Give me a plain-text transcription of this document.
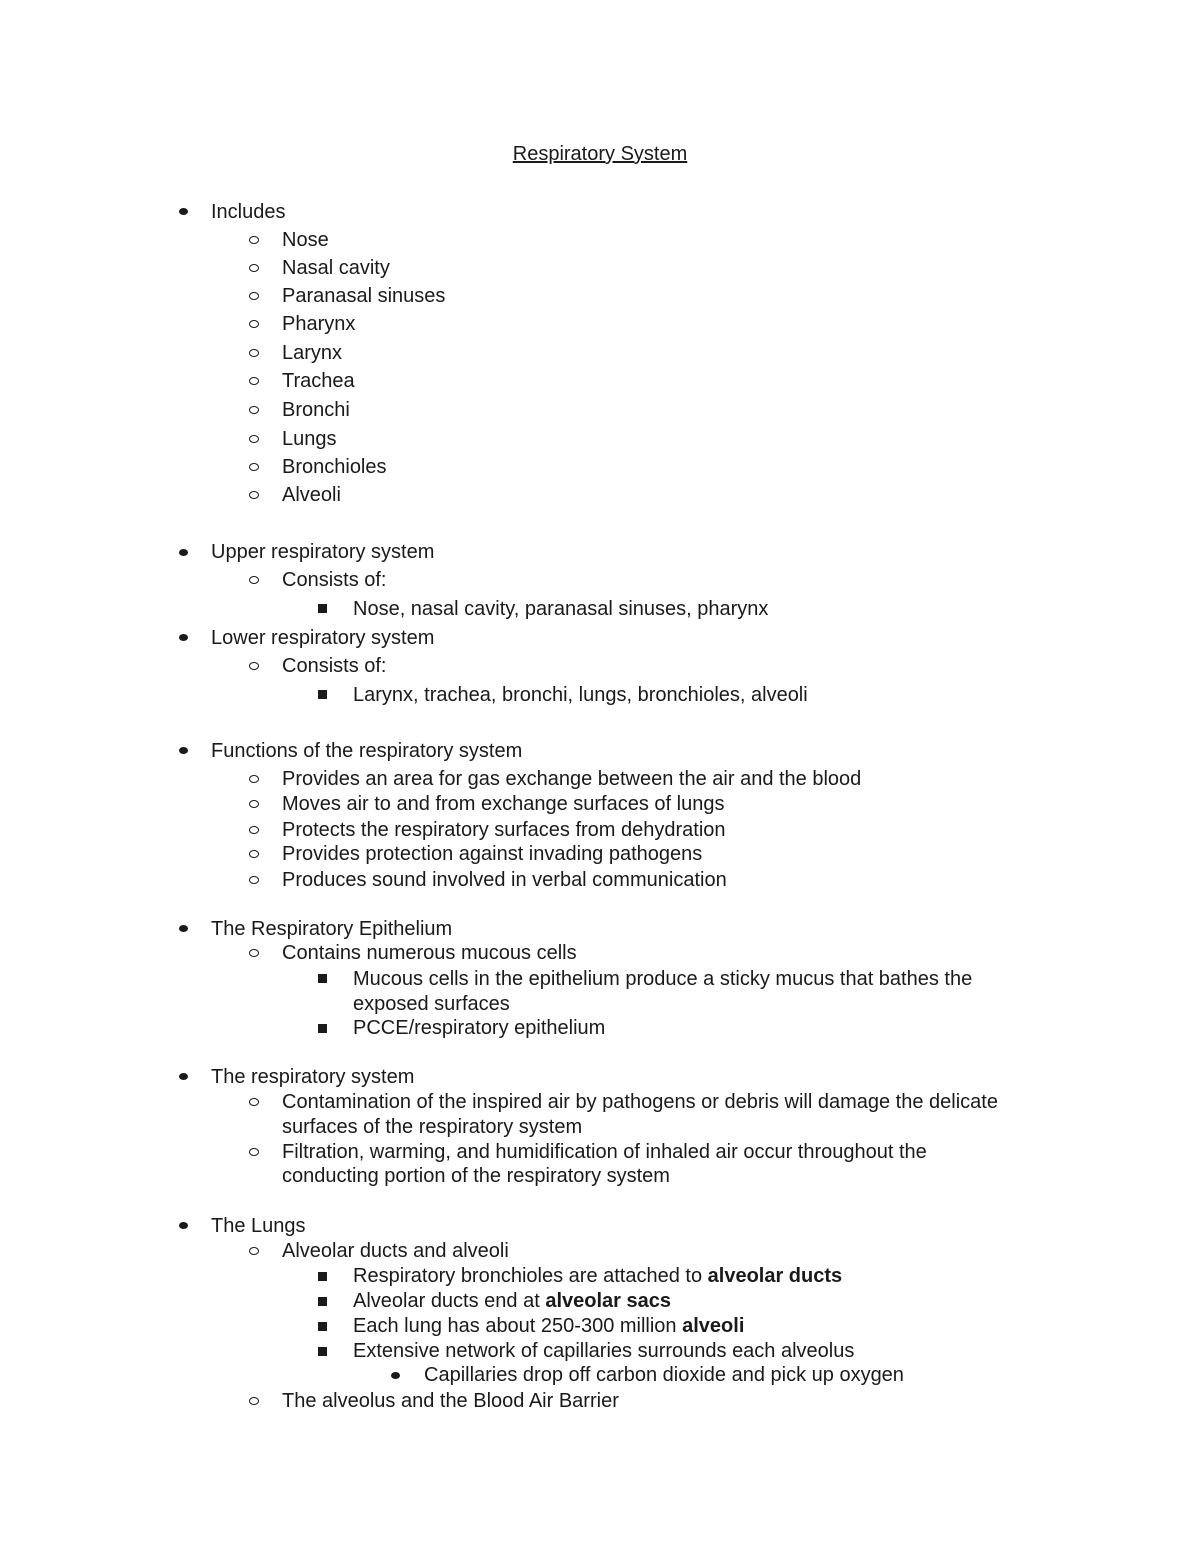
Respiratory System
Includes
Nose
Nasal cavity
Paranasal sinuses
Pharynx
Larynx
Trachea
Bronchi
Lungs
Bronchioles
Alveoli
Upper respiratory system
Consists of:
Nose, nasal cavity, paranasal sinuses, pharynx
Lower respiratory system
Consists of:
Larynx, trachea, bronchi, lungs, bronchioles, alveoli
Functions of the respiratory system
Provides an area for gas exchange between the air and the blood
Moves air to and from exchange surfaces of lungs
Protects the respiratory surfaces from dehydration
Provides protection against invading pathogens
Produces sound involved in verbal communication
The Respiratory Epithelium
Contains numerous mucous cells
Mucous cells in the epithelium produce a sticky mucus that bathes the
exposed surfaces
PCCE/respiratory epithelium
The respiratory system
Contamination of the inspired air by pathogens or debris will damage the delicate
surfaces of the respiratory system
Filtration, warming, and humidification of inhaled air occur throughout the
conducting portion of the respiratory system
The Lungs
Alveolar ducts and alveoli
Respiratory bronchioles are attached to alveolar ducts
Alveolar ducts end at alveolar sacs
Each lung has about 250-300 million alveoli
Extensive network of capillaries surrounds each alveolus
Capillaries drop off carbon dioxide and pick up oxygen
The alveolus and the Blood Air Barrier
